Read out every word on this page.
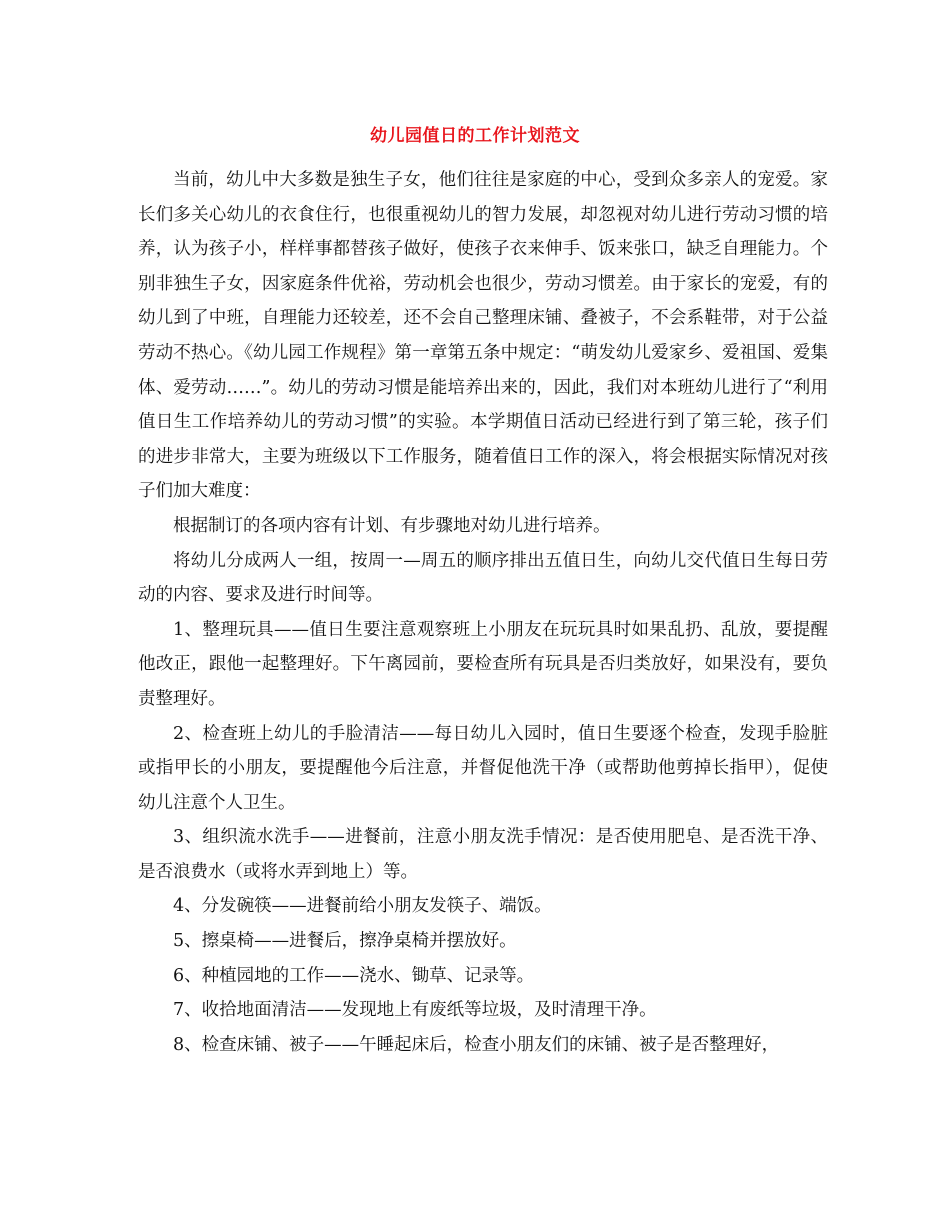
幼儿园值日的工作计划范文

当前，幼儿中大多数是独生子女，他们往往是家庭的中心，受到众多亲人的宠爱。家长们多关心幼儿的衣食住行，也很重视幼儿的智力发展，却忽视对幼儿进行劳动习惯的培养，认为孩子小，样样事都替孩子做好，使孩子衣来伸手、饭来张口，缺乏自理能力。个别非独生子女，因家庭条件优裕，劳动机会也很少，劳动习惯差。由于家长的宠爱，有的幼儿到了中班，自理能力还较差，还不会自己整理床铺、叠被子，不会系鞋带，对于公益劳动不热心。《幼儿园工作规程》第一章第五条中规定：“萌发幼儿爱家乡、爱祖国、爱集体、爱劳动……”。幼儿的劳动习惯是能培养出来的，因此，我们对本班幼儿进行了“利用值日生工作培养幼儿的劳动习惯”的实验。本学期值日活动已经进行到了第三轮，孩子们的进步非常大，主要为班级以下工作服务，随着值日工作的深入，将会根据实际情况对孩子们加大难度：

根据制订的各项内容有计划、有步骤地对幼儿进行培养。

将幼儿分成两人一组，按周一—周五的顺序排出五值日生，向幼儿交代值日生每日劳动的内容、要求及进行时间等。

1、整理玩具——值日生要注意观察班上小朋友在玩玩具时如果乱扔、乱放，要提醒他改正，跟他一起整理好。下午离园前，要检查所有玩具是否归类放好，如果没有，要负责整理好。

2、检查班上幼儿的手脸清洁——每日幼儿入园时，值日生要逐个检查，发现手脸脏或指甲长的小朋友，要提醒他今后注意，并督促他洗干净（或帮助他剪掉长指甲），促使幼儿注意个人卫生。

3、组织流水洗手——进餐前，注意小朋友洗手情况：是否使用肥皂、是否洗干净、是否浪费水（或将水弄到地上）等。

4、分发碗筷——进餐前给小朋友发筷子、端饭。

5、擦桌椅——进餐后，擦净桌椅并摆放好。

6、种植园地的工作——浇水、锄草、记录等。

7、收拾地面清洁——发现地上有废纸等垃圾，及时清理干净。

8、检查床铺、被子——午睡起床后，检查小朋友们的床铺、被子是否整理好，
